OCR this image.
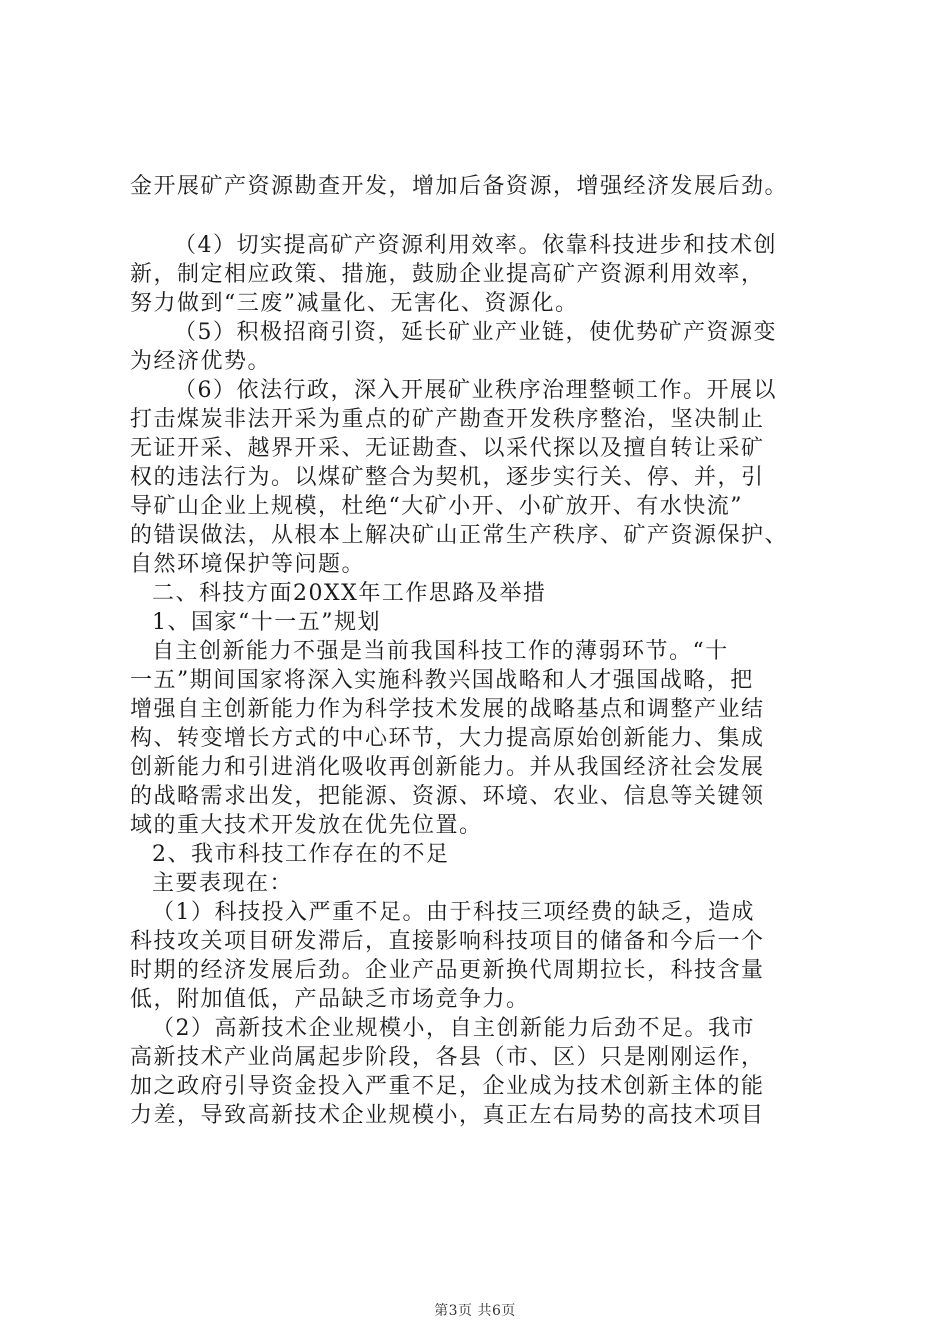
金开展矿产资源勘查开发，增加后备资源，增强经济发展后劲。
（4）切实提高矿产资源利用效率。依靠科技进步和技术创
新，制定相应政策、措施，鼓励企业提高矿产资源利用效率，
努力做到“三废”减量化、无害化、资源化。
（5）积极招商引资，延长矿业产业链，使优势矿产资源变
为经济优势。
（6）依法行政，深入开展矿业秩序治理整顿工作。开展以
打击煤炭非法开采为重点的矿产勘查开发秩序整治，坚决制止
无证开采、越界开采、无证勘查、以采代探以及擅自转让采矿
权的违法行为。以煤矿整合为契机，逐步实行关、停、并，引
导矿山企业上规模，杜绝“大矿小开、小矿放开、有水快流”
的错误做法，从根本上解决矿山正常生产秩序、矿产资源保护、
自然环境保护等问题。
二、科技方面20XX年工作思路及举措
1、国家“十一五”规划
自主创新能力不强是当前我国科技工作的薄弱环节。“十
一五”期间国家将深入实施科教兴国战略和人才强国战略，把
增强自主创新能力作为科学技术发展的战略基点和调整产业结
构、转变增长方式的中心环节，大力提高原始创新能力、集成
创新能力和引进消化吸收再创新能力。并从我国经济社会发展
的战略需求出发，把能源、资源、环境、农业、信息等关键领
域的重大技术开发放在优先位置。
2、我市科技工作存在的不足
主要表现在：
（1）科技投入严重不足。由于科技三项经费的缺乏，造成
科技攻关项目研发滞后，直接影响科技项目的储备和今后一个
时期的经济发展后劲。企业产品更新换代周期拉长，科技含量
低，附加值低，产品缺乏市场竞争力。
（2）高新技术企业规模小，自主创新能力后劲不足。我市
高新技术产业尚属起步阶段，各县（市、区）只是刚刚运作，
加之政府引导资金投入严重不足，企业成为技术创新主体的能
力差，导致高新技术企业规模小，真正左右局势的高技术项目
第3页 共6页
